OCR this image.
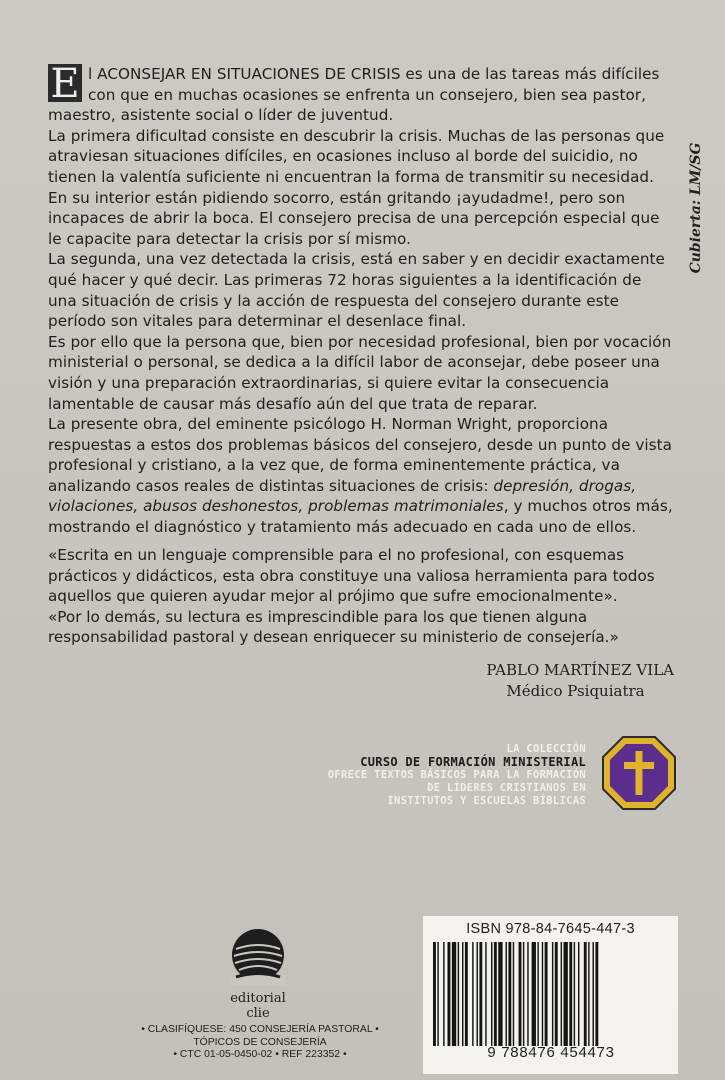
E l ACONSEJAR EN SITUACIONES DE CRISIS es una de las tareas más difíciles con que en muchas ocasiones se enfrenta un consejero, bien sea pastor, maestro, asistente social o líder de juventud.

La primera dificultad consiste en descubrir la crisis. Muchas de las personas que atraviesan situaciones difíciles, en ocasiones incluso al borde del suicidio, no tienen la valentía suficiente ni encuentran la forma de transmitir su necesidad. En su interior están pidiendo socorro, están gritando ¡ayudadme!, pero son incapaces de abrir la boca. El consejero precisa de una percepción especial que le capacite para detectar la crisis por sí mismo.

La segunda, una vez detectada la crisis, está en saber y en decidir exactamente qué hacer y qué decir. Las primeras 72 horas siguientes a la identificación de una situación de crisis y la acción de respuesta del consejero durante este período son vitales para determinar el desenlace final.

Es por ello que la persona que, bien por necesidad profesional, bien por vocación ministerial o personal, se dedica a la difícil labor de aconsejar, debe poseer una visión y una preparación extraordinarias, si quiere evitar la consecuencia lamentable de causar más desafío aún del que trata de reparar.

La presente obra, del eminente psicólogo H. Norman Wright, proporciona respuestas a estos dos problemas básicos del consejero, desde un punto de vista profesional y cristiano, a la vez que, de forma eminentemente práctica, va analizando casos reales de distintas situaciones de crisis: depresión, drogas, violaciones, abusos deshonestos, problemas matrimoniales, y muchos otros más, mostrando el diagnóstico y tratamiento más adecuado en cada uno de ellos.

Cubierta: LM/SG

«Escrita en un lenguaje comprensible para el no profesional, con esquemas prácticos y didácticos, esta obra constituye una valiosa herramienta para todos aquellos que quieren ayudar mejor al prójimo que sufre emocionalmente».

«Por lo demás, su lectura es imprescindible para los que tienen alguna responsabilidad pastoral y desean enriquecer su ministerio de consejería.»

PABLO MARTÍNEZ VILA
Médico Psiquiatra
LA COLECCIÓN
CURSO DE FORMACIÓN MINISTERIAL
OFRECE TEXTOS BÁSICOS PARA LA FORMACIÓN
DE LÍDERES CRISTIANOS EN
INSTITUTOS Y ESCUELAS BÍBLICAS
editorial clie
• CLASIFÍQUESE: 450 CONSEJERÍA PASTORAL •
TÓPICOS DE CONSEJERÍA
• CTC 01-05-0450-02 • REF 223352 •
ISBN 978-84-7645-447-3
9 788476 454473
